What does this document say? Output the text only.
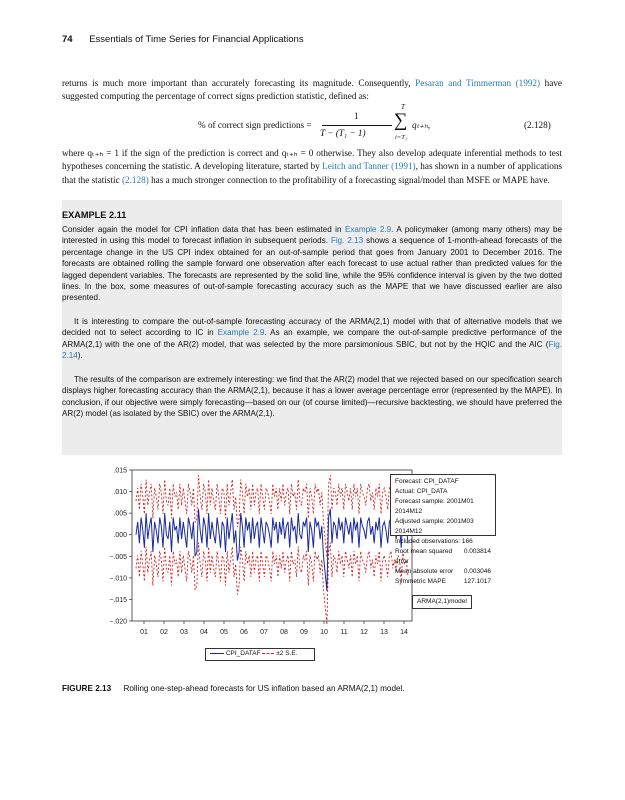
74 Essentials of Time Series for Financial Applications
returns is much more important than accurately forecasting its magnitude. Consequently, Pesaran and Timmerman (1992) have suggested computing the percentage of correct signs prediction statistic, defined as:
% of correct sign predictions =
1
T − (T₁ − 1)
T
∑
i=T₁
qₜ₊ₕ,	(2.128)
where qₜ₊ₕ = 1 if the sign of the prediction is correct and qₜ₊ₕ = 0 otherwise. They also develop adequate inferential methods to test hypotheses concerning the statistic. A developing literature, started by Leitch and Tanner (1991), has shown in a number of applications that the statistic (2.128) has a much stronger connection to the profitability of a forecasting signal/model than MSFE or MAPE have.
EXAMPLE 2.11
Consider again the model for CPI inflation data that has been estimated in Example 2.9. A policymaker (among many others) may be interested in using this model to forecast inflation in subsequent periods. Fig. 2.13 shows a sequence of 1-month-ahead forecasts of the percentage change in the US CPI index obtained for an out-of-sample period that goes from January 2001 to December 2016. The forecasts are obtained rolling the sample forward one observation after each forecast to use actual rather than predicted values for the lagged dependent variables. The forecasts are represented by the solid line, while the 95% confidence interval is given by the two dotted lines. In the box, some measures of out-of-sample forecasting accuracy such as the MAPE that we have discussed earlier are also presented.
It is interesting to compare the out-of-sample forecasting accuracy of the ARMA(2,1) model with that of alternative models that we decided not to select according to IC in Example 2.9. As an example, we compare the out-of-sample predictive performance of the ARMA(2,1) with the one of the AR(2) model, that was selected by the more parsimonious SBIC, but not by the HQIC and the AIC (Fig. 2.14).
The results of the comparison are extremely interesting: we find that the AR(2) model that we rejected based on our specification search displays higher forecasting accuracy than the ARMA(2,1), because it has a lower average percentage error (represented by the MAPE). In conclusion, if our objective were simply forecasting—based on our (of course limited)—recursive backtesting, we should have preferred the AR(2) model (as isolated by the SBIC) over the ARMA(2,1).
.015
.010
.005
.000
−.005
−.010
−.015
−.020
01 02 03 04 05 06 07 08 09 10 11 12 13 14
Forecast: CPI_DATAF
Actual: CPI_DATA
Forecast sample: 2001M01 2014M12
Adjusted sample: 2001M03 2014M12
Included observations: 166
Root mean squared error
0.003814
Mean absolute error 0.003046
Symmetric MAPE	127.1017
ARMA(2,1)model
CPI_DATAF ±2 S.E.
FIGURE 2.13 Rolling one-step-ahead forecasts for US inflation based an ARMA(2,1) model.
